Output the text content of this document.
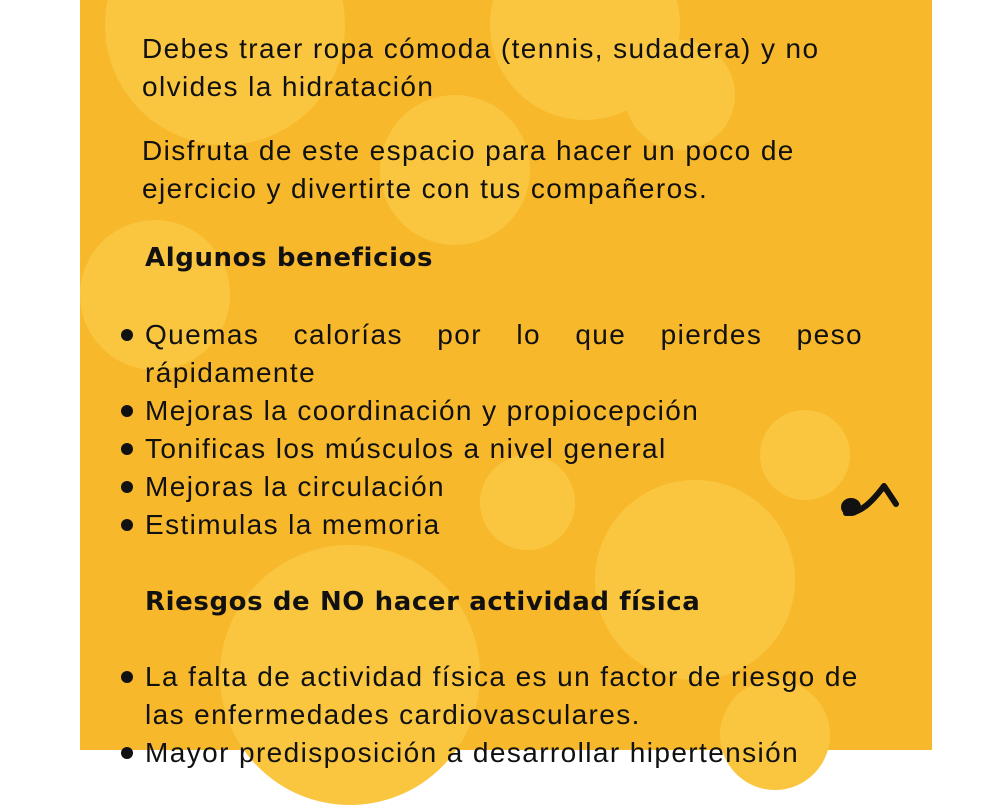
Debes traer ropa cómoda (tennis, sudadera) y no olvides la hidratación

Disfruta de este espacio para hacer un poco de ejercicio y divertirte con tus compañeros.

Algunos beneficios
Quemas calorías por lo que pierdes peso rápidamente
Mejoras la coordinación y propiocepción
Tonificas los músculos a nivel general
Mejoras la circulación
Estimulas la memoria
Riesgos de NO hacer actividad física
La falta de actividad física es un factor de riesgo de las enfermedades cardiovasculares.
Mayor predisposición a desarrollar hipertensión
